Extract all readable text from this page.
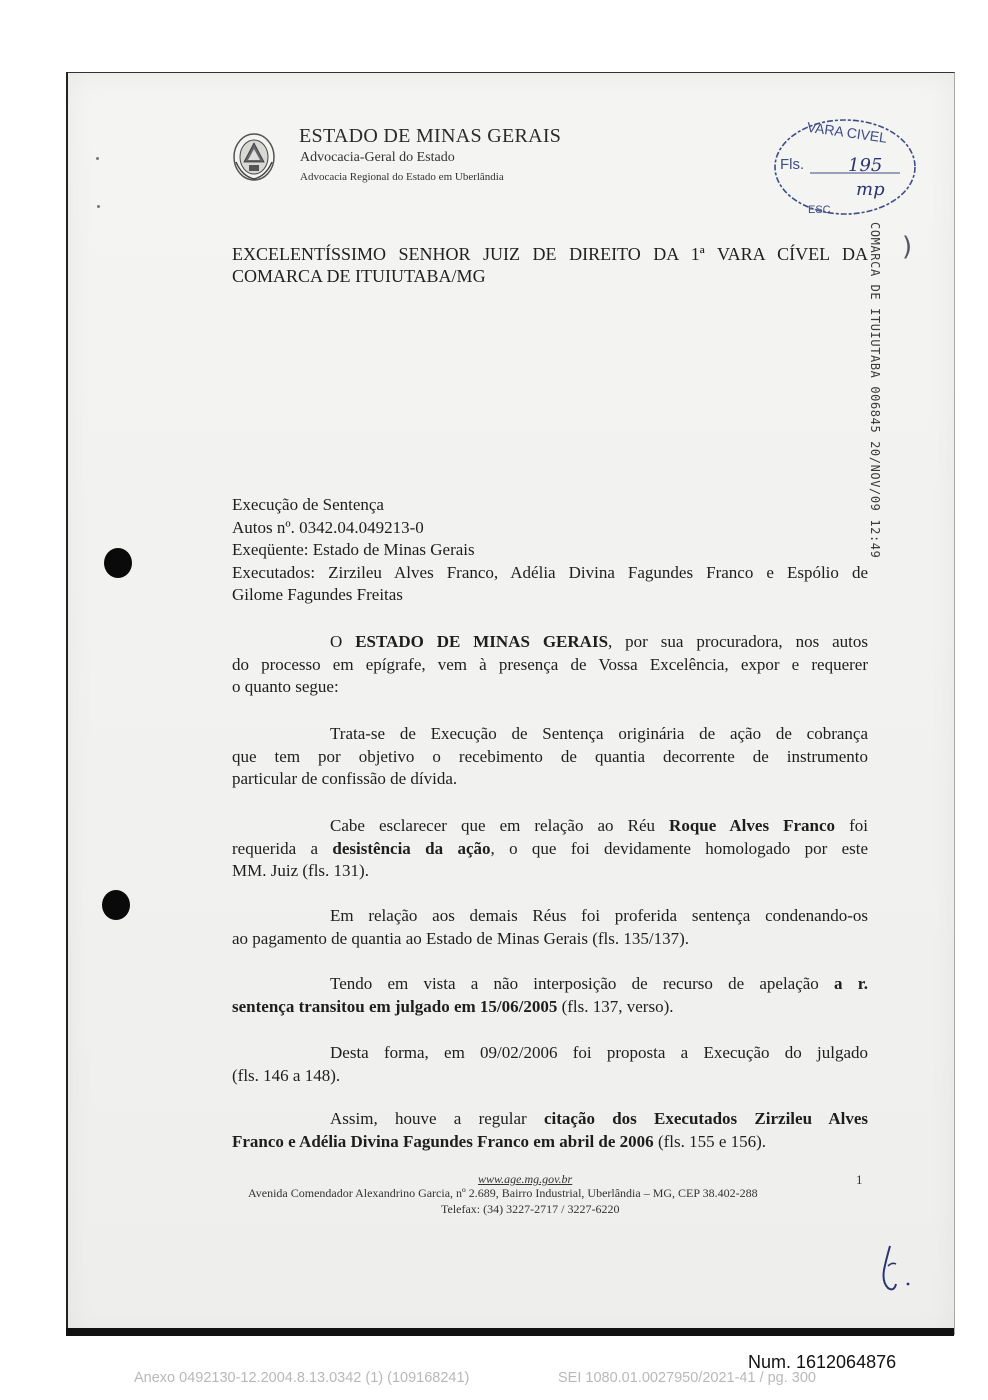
ESTADO DE MINAS GERAIS
Advocacia-Geral do Estado
Advocacia Regional do Estado em Uberlândia
VARA CIVEL
Fls. 195
mp
ESC
)
COMARCA DE ITUIUTABA 006845 20/NOV/09 12:49
EXCELENTÍSSIMO SENHOR JUIZ DE DIREITO DA 1ª VARA CÍVEL DA
COMARCA DE ITUIUTABA/MG
Execução de Sentença
Autos nº. 0342.04.049213-0
Exeqüente: Estado de Minas Gerais
Executados: Zirzileu Alves Franco, Adélia Divina Fagundes Franco e Espólio de
Gilome Fagundes Freitas
O ESTADO DE MINAS GERAIS, por sua procuradora, nos autos
do processo em epígrafe, vem à presença de Vossa Excelência, expor e requerer
o quanto segue:
Trata-se de Execução de Sentença originária de ação de cobrança
que tem por objetivo o recebimento de quantia decorrente de instrumento
particular de confissão de dívida.
Cabe esclarecer que em relação ao Réu Roque Alves Franco foi
requerida a desistência da ação, o que foi devidamente homologado por este
MM. Juiz (fls. 131).
Em relação aos demais Réus foi proferida sentença condenando-os
ao pagamento de quantia ao Estado de Minas Gerais (fls. 135/137).
Tendo em vista a não interposição de recurso de apelação a r.
sentença transitou em julgado em 15/06/2005 (fls. 137, verso).
Desta forma, em 09/02/2006 foi proposta a Execução do julgado
(fls. 146 a 148).
Assim, houve a regular citação dos Executados Zirzileu Alves
Franco e Adélia Divina Fagundes Franco em abril de 2006 (fls. 155 e 156).
www.age.mg.gov.br	1
Avenida Comendador Alexandrino Garcia, nº 2.689, Bairro Industrial, Uberlândia – MG, CEP 38.402-288
Telefax: (34) 3227-2717 / 3227-6220
Num. 1612064876
Anexo 0492130-12.2004.8.13.0342 (1) (109168241)	SEI 1080.01.0027950/2021-41 / pg. 300
